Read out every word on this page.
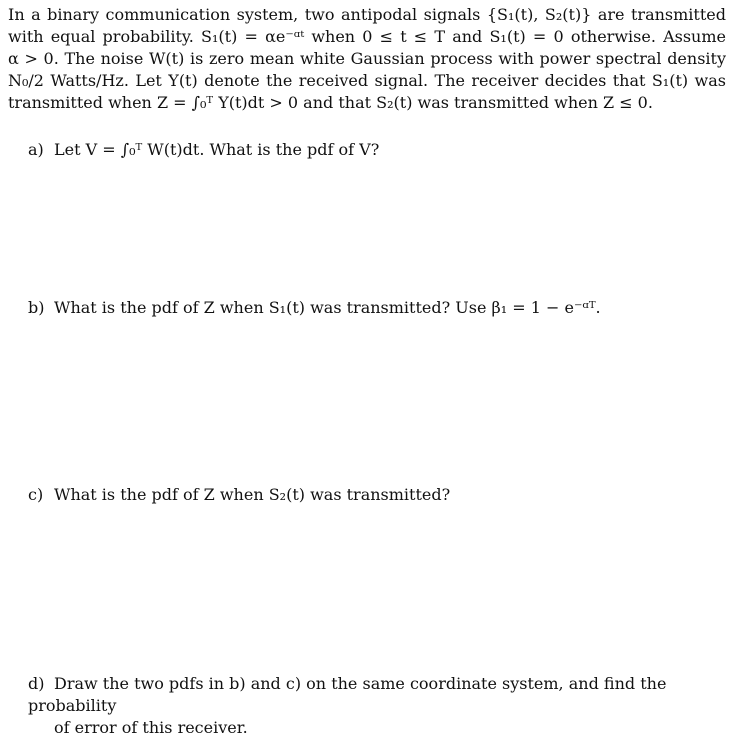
In a binary communication system, two antipodal signals {S₁(t), S₂(t)} are transmitted
with equal probability. S₁(t) = αe⁻ᵅᵗ when 0 ≤ t ≤ T and S₁(t) = 0 otherwise. Assume
α > 0. The noise W(t) is zero mean white Gaussian process with power spectral density
N₀/2 Watts/Hz. Let Y(t) denote the received signal. The receiver decides that S₁(t) was
transmitted when Z = ∫₀ᵀ Y(t)dt > 0 and that S₂(t) was transmitted when Z ≤ 0.
a) Let V = ∫₀ᵀ W(t)dt. What is the pdf of V?
b) What is the pdf of Z when S₁(t) was transmitted? Use β₁ = 1 − e⁻ᵅᵀ.
c) What is the pdf of Z when S₂(t) was transmitted?
d) Draw the two pdfs in b) and c) on the same coordinate system, and find the probability
of error of this receiver.
